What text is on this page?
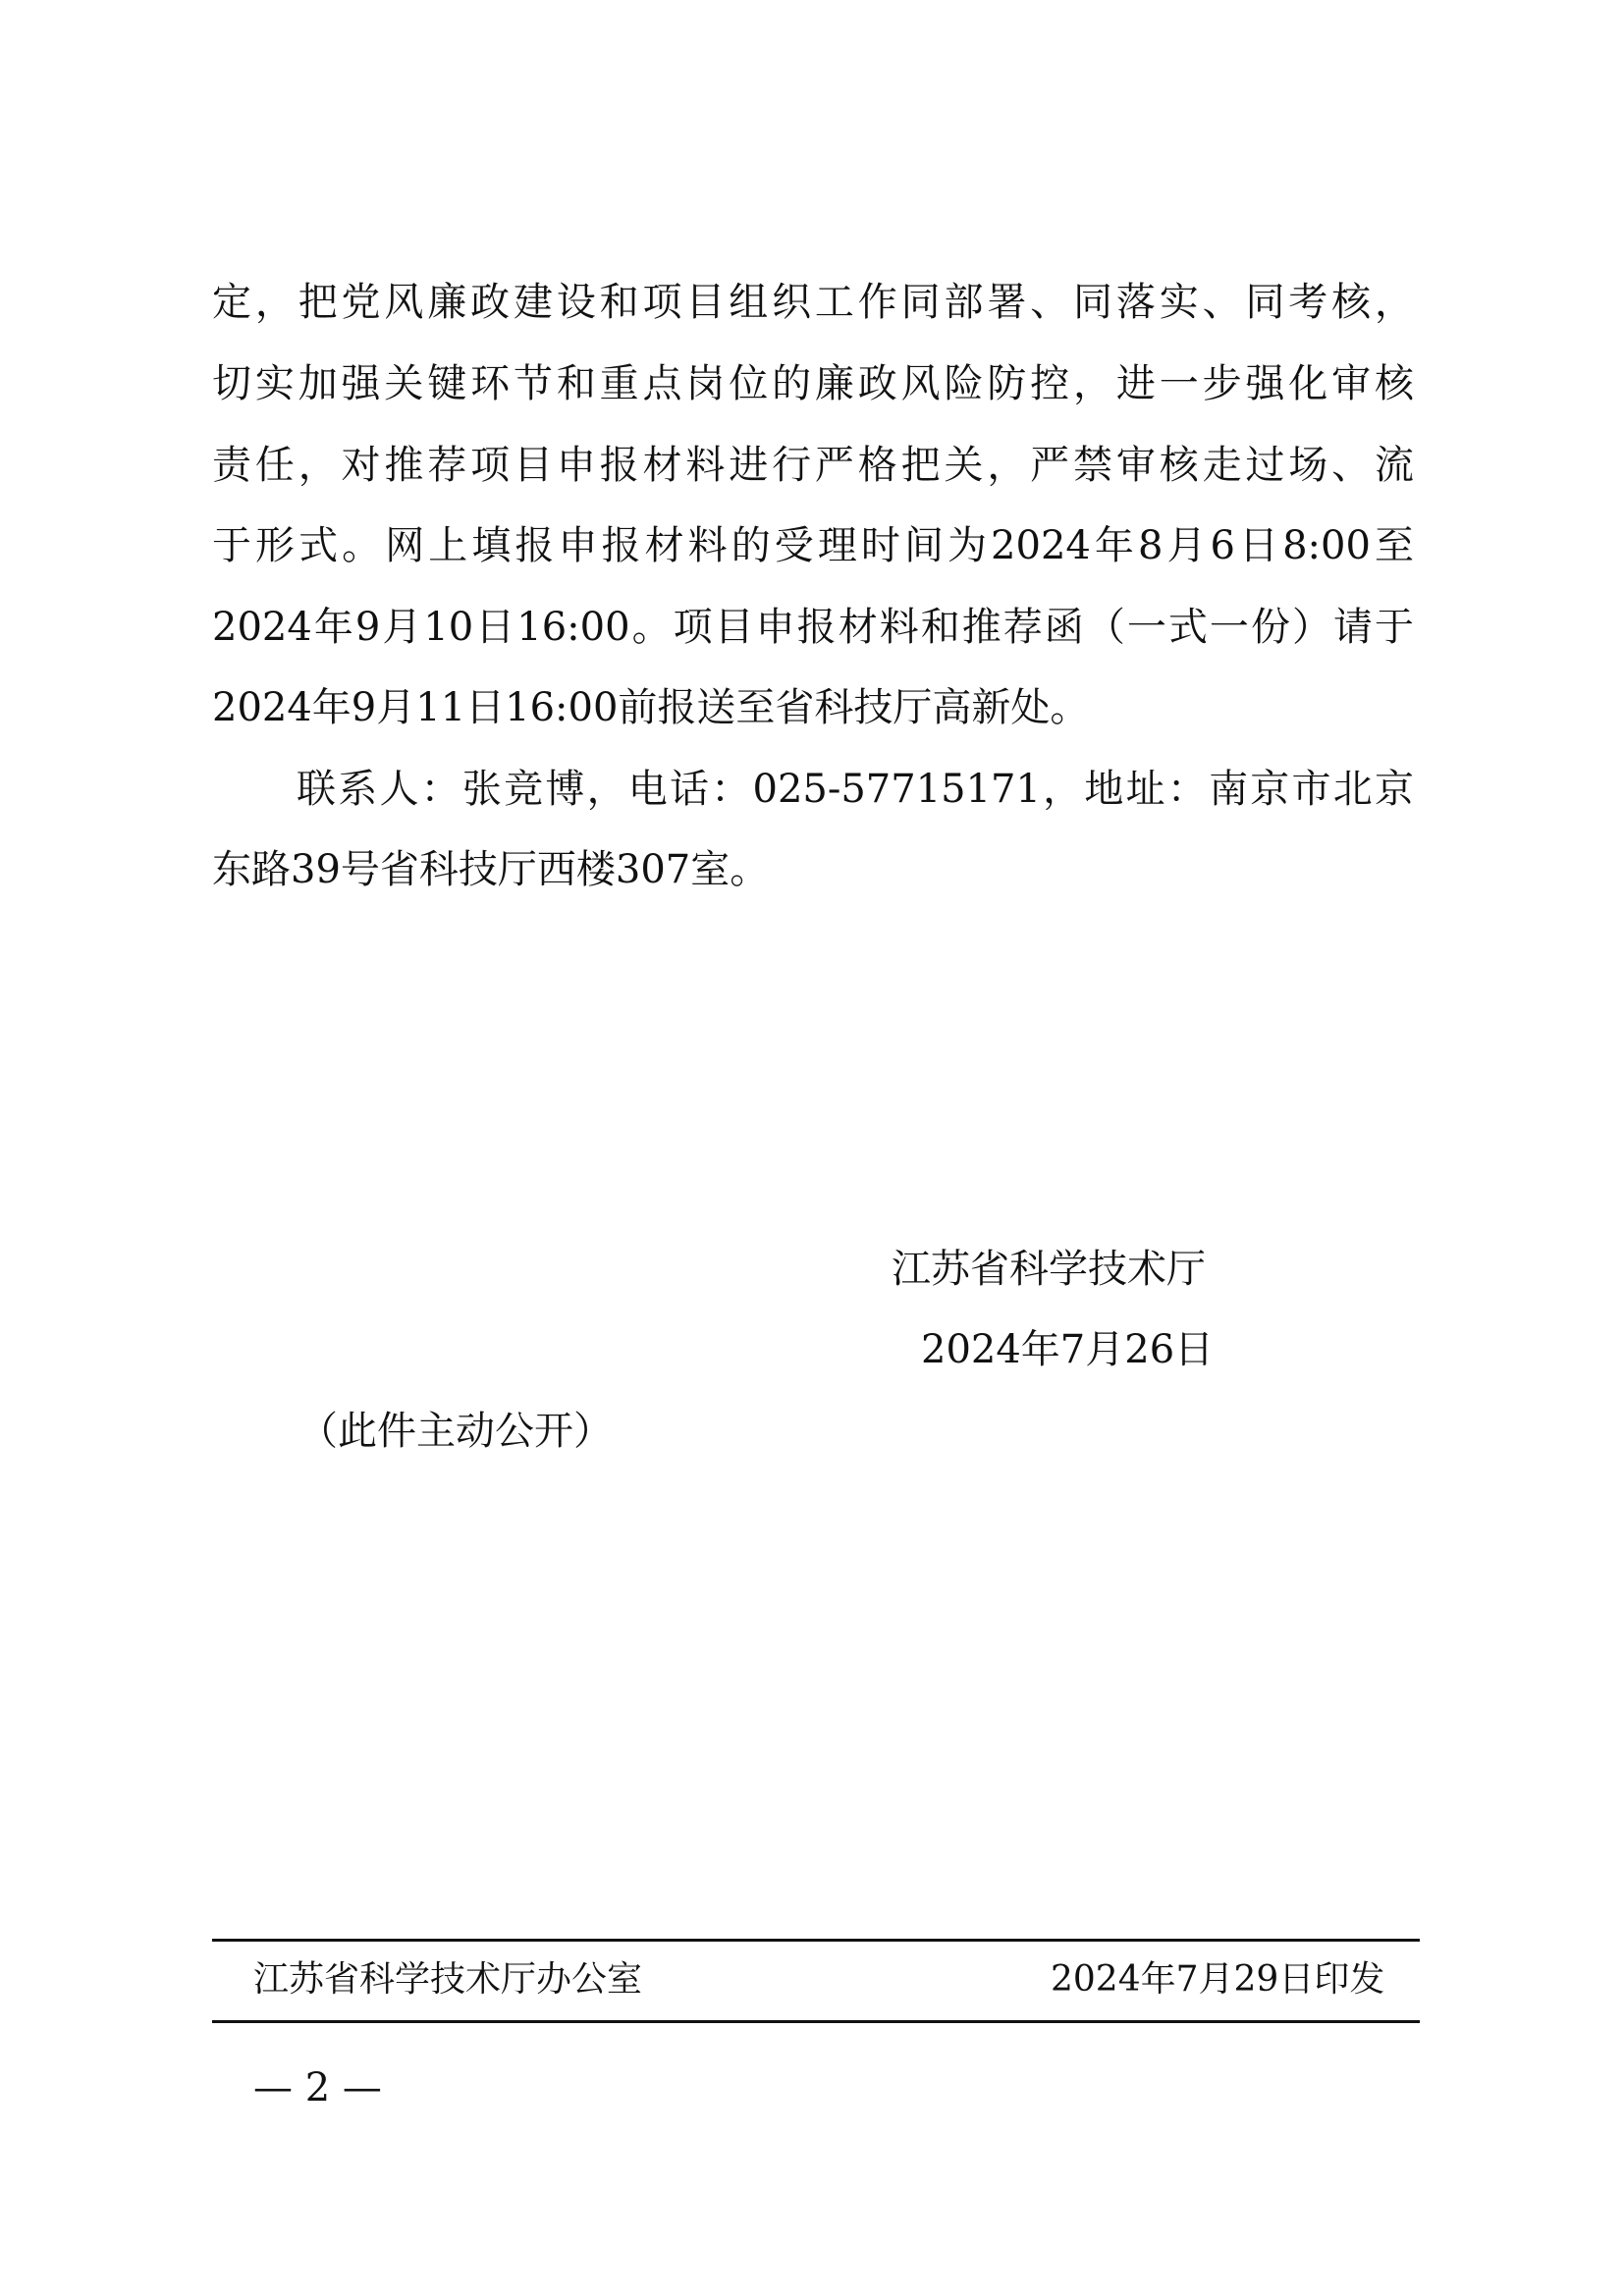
定，把党风廉政建设和项目组织工作同部署、同落实、同考核，
切实加强关键环节和重点岗位的廉政风险防控，进一步强化审核
责任，对推荐项目申报材料进行严格把关，严禁审核走过场、流
于形式。网上填报申报材料的受理时间为2024年8月6日8:00至
2024年9月10日16:00。项目申报材料和推荐函（一式一份）请于
2024年9月11日16:00前报送至省科技厅高新处。
联系人：张竞博，电话：025-57715171，地址：南京市北京
东路39号省科技厅西楼307室。
江苏省科学技术厅
2024年7月26日
（此件主动公开）
江苏省科学技术厅办公室	2024年7月29日印发
— 2 —
